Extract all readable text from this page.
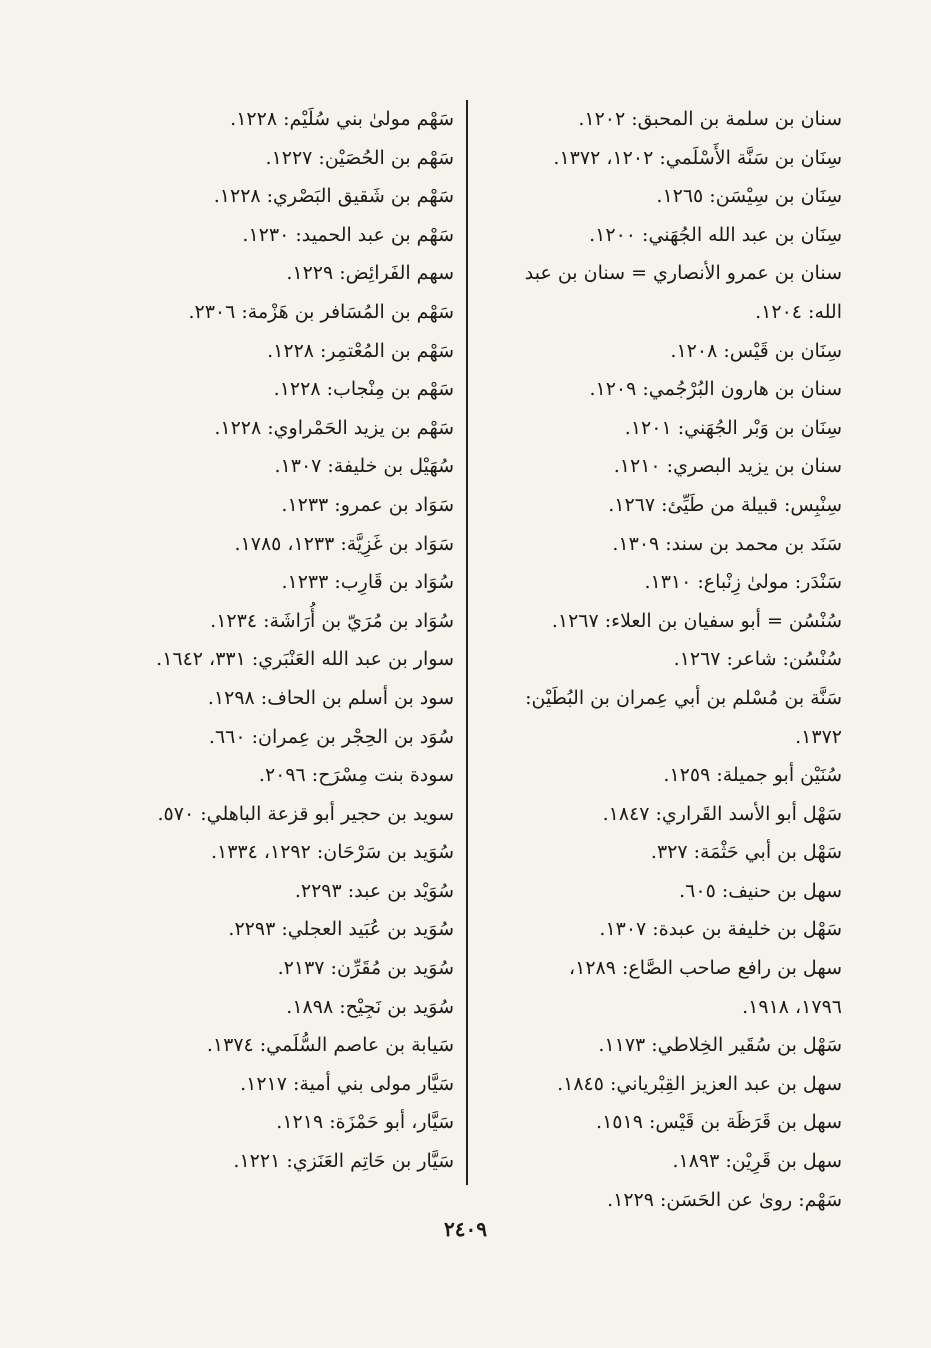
سنان بن سلمة بن المحبق: ١٢٠٢.
سِنَان بن سَنَّة الأَسْلَمي: ١٢٠٢، ١٣٧٢.
سِنَان بن سِيْسَن: ١٢٦٥.
سِنَان بن عبد الله الجُهَني: ١٢٠٠.
سنان بن عمرو الأنصاري = سنان بن عبد
الله: ١٢٠٤.
سِنَان بن قَيْس: ١٢٠٨.
سنان بن هارون البُرْجُمي: ١٢٠٩.
سِنَان بن وَبْر الجُهَني: ١٢٠١.
سنان بن يزيد البصري: ١٢١٠.
سِنْبِس: قبيلة من طَيِّئ: ١٢٦٧.
سَنَد بن محمد بن سند: ١٣٠٩.
سَنْدَر: مولىٰ زِنْباع: ١٣١٠.
سُنْسُن = أبو سفيان بن العلاء: ١٢٦٧.
سُنْسُن: شاعر: ١٢٦٧.
سَنَّة بن مُسْلم بن أبي عِمران بن البُطَيْن:
١٣٧٢.
سُنَيْن أبو جميلة: ١٢٥٩.
سَهْل أبو الأسد القَراري: ١٨٤٧.
سَهْل بن أبي حَثْمَة: ٣٢٧.
سهل بن حنيف: ٦٠٥.
سَهْل بن خليفة بن عبدة: ١٣٠٧.
سهل بن رافع صاحب الصَّاع: ١٢٨٩،
١٧٩٦، ١٩١٨.
سَهْل بن سُقَير الخِلاطي: ١١٧٣.
سهل بن عبد العزيز القِبْرياني: ١٨٤٥.
سهل بن قَرَظَة بن قَيْس: ١٥١٩.
سهل بن قَرِيْن: ١٨٩٣.
سَهْم: روىٰ عن الحَسَن: ١٢٢٩.
سَهْم مولىٰ بني سُلَيْم: ١٢٢٨.
سَهْم بن الحُصَيْن: ١٢٢٧.
سَهْم بن شَقيق البَصْري: ١٢٢٨.
سَهْم بن عبد الحميد: ١٢٣٠.
سهم الفَرائِض: ١٢٢٩.
سَهْم بن المُسَافر بن هَزْمة: ٢٣٠٦.
سَهْم بن المُعْتمِر: ١٢٢٨.
سَهْم بن مِنْجاب: ١٢٢٨.
سَهْم بن يزيد الحَمْراوي: ١٢٢٨.
سُهَيْل بن خليفة: ١٣٠٧.
سَوَاد بن عمرو: ١٢٣٣.
سَوَاد بن غَزِيَّة: ١٢٣٣، ١٧٨٥.
سُوَاد بن قَارِب: ١٢٣٣.
سُوَاد بن مُرَيّ بن أُرَاشَة: ١٢٣٤.
سوار بن عبد الله العَنْبَري: ٣٣١، ١٦٤٢.
سود بن أسلم بن الحاف: ١٢٩٨.
سُوَد بن الحِجْر بن عِمران: ٦٦٠.
سودة بنت مِسْرَح: ٢٠٩٦.
سويد بن حجير أبو قزعة الباهلي: ٥٧٠.
سُوَيد بن سَرْحَان: ١٢٩٢، ١٣٣٤.
سُوَيْد بن عبد: ٢٢٩٣.
سُوَيد بن عُبَيد العجلي: ٢٢٩٣.
سُوَيد بن مُقَرِّن: ٢١٣٧.
سُوَيد بن نَجِيْح: ١٨٩٨.
سَيابة بن عاصم السُّلَمي: ١٣٧٤.
سَيَّار مولى بني أمية: ١٢١٧.
سَيَّار، أبو حَمْزَة: ١٢١٩.
سَيَّار بن حَاتِم العَنَزي: ١٢٢١.
٢٤٠٩
